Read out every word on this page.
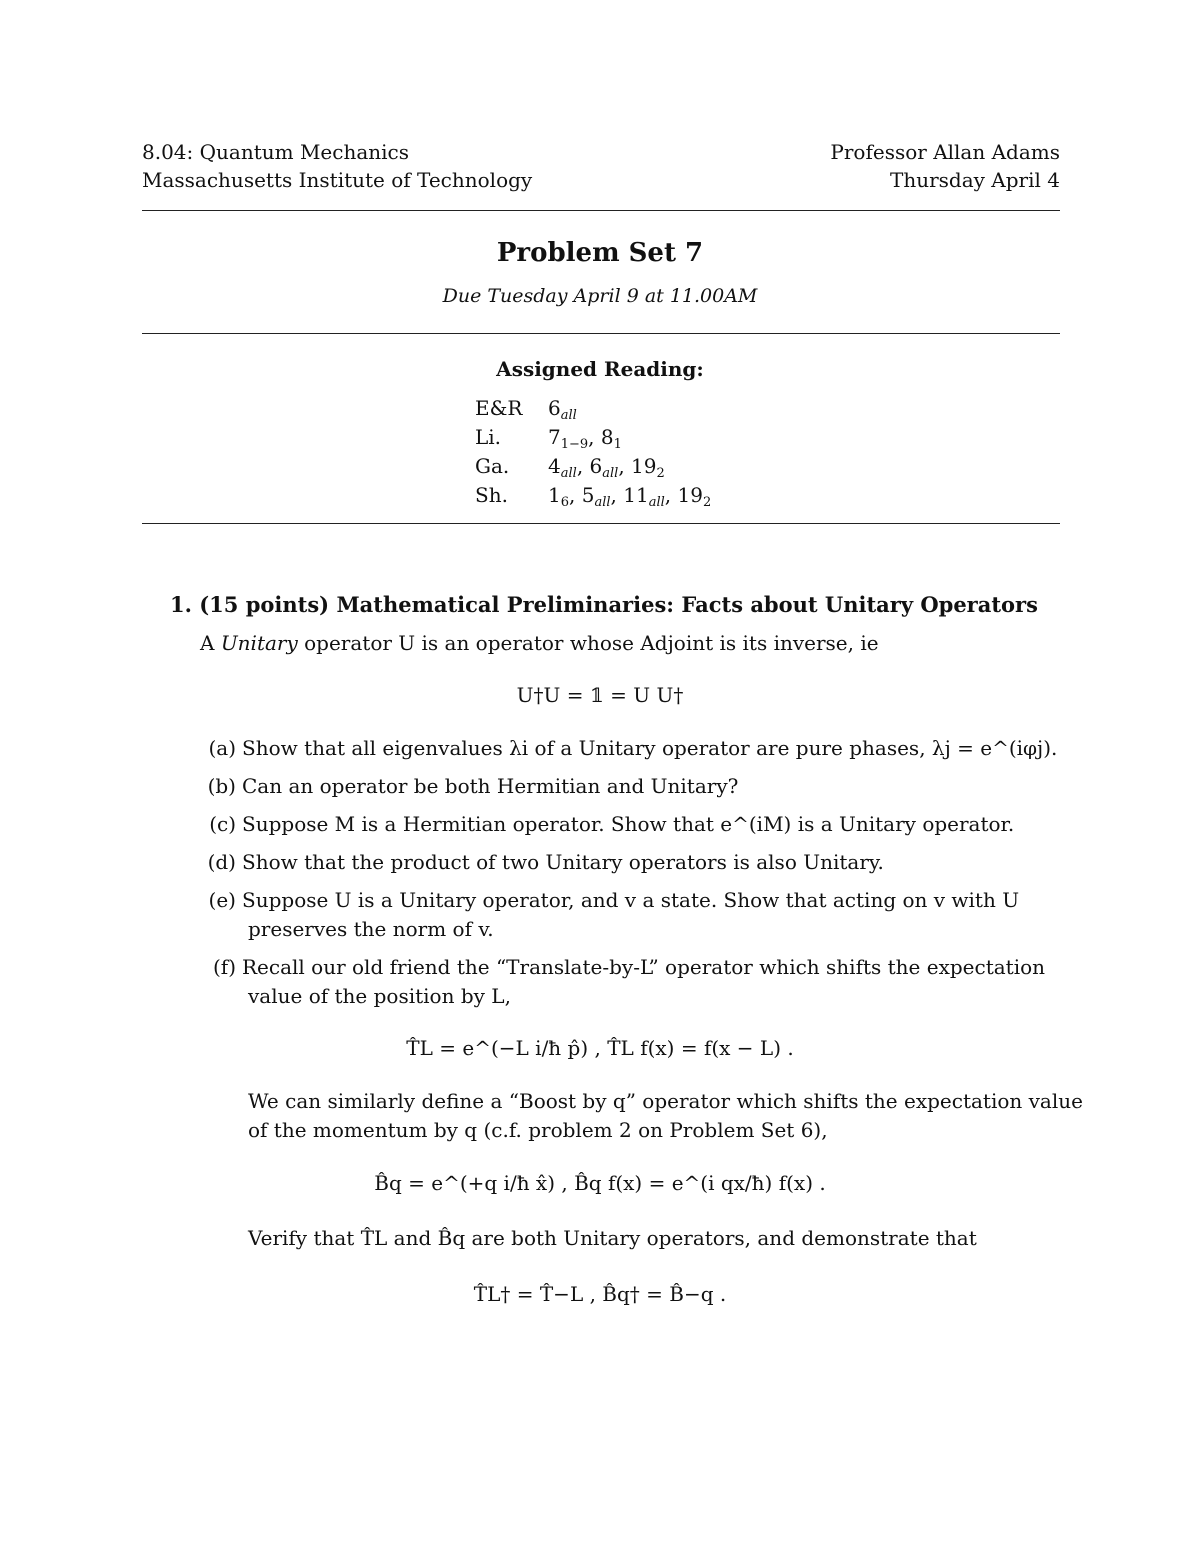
8.04: Quantum Mechanics
Massachusetts Institute of Technology
Professor Allan Adams
Thursday April 4
Problem Set 7
Due Tuesday April 9 at 11.00AM
Assigned Reading:
E&R $6_{all}$
Li. $7_{1-9}$, $8_1$
Ga. $4_{all}$, $6_{all}$, $19_2$
Sh. $1_6$, $5_{all}$, $11_{all}$, $19_2$
1. (15 points) Mathematical Preliminaries: Facts about Unitary Operators
A Unitary operator U is an operator whose Adjoint is its inverse, ie
U†U = 𝟙 = U U†
(a) Show that all eigenvalues λi of a Unitary operator are pure phases, λj = e^(iφj).
(b) Can an operator be both Hermitian and Unitary?
(c) Suppose M is a Hermitian operator. Show that e^(iM) is a Unitary operator.
(d) Show that the product of two Unitary operators is also Unitary.
(e) Suppose U is a Unitary operator, and v a state. Show that acting on v with U
preserves the norm of v.
(f) Recall our old friend the “Translate-by-L” operator which shifts the expectation
value of the position by L,
T̂L = e^(−L i/ħ p̂) , T̂L f(x) = f(x − L) .
We can similarly define a “Boost by q” operator which shifts the expectation value
of the momentum by q (c.f. problem 2 on Problem Set 6),
B̂q = e^(+q i/ħ x̂) , B̂q f(x) = e^(i qx/ħ) f(x) .
Verify that T̂L and B̂q are both Unitary operators, and demonstrate that
T̂L† = T̂−L , B̂q† = B̂−q .
